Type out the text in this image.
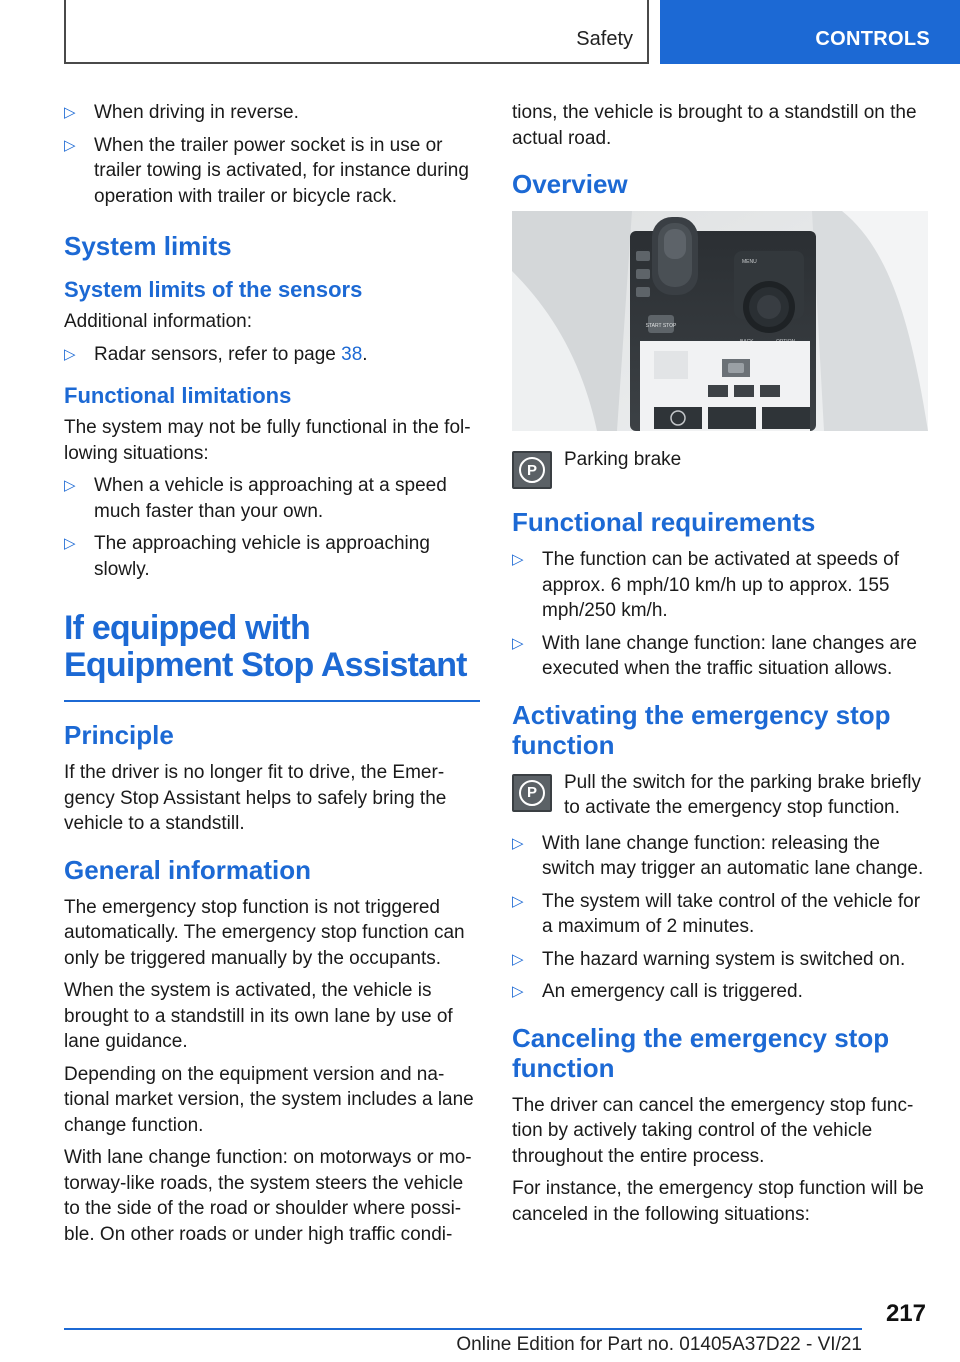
Safety	CONTROLS
▷ When driving in reverse.
▷ When the trailer power socket is in use or trailer towing is activated, for instance during operation with trailer or bicycle rack.
System limits
System limits of the sensors

Additional information:

▷ Radar sensors, refer to page 38.
Functional limitations

The system may not be fully functional in the fol-lowing situations:

▷ When a vehicle is approaching at a speed much faster than your own.
▷ The approaching vehicle is approaching slowly.
If equipped with Equipment Stop Assistant
Principle

If the driver is no longer fit to drive, the Emer-gency Stop Assistant helps to safely bring the vehicle to a standstill.

General information

The emergency stop function is not triggered automatically. The emergency stop function can only be triggered manually by the occupants.

When the system is activated, the vehicle is brought to a standstill in its own lane by use of lane guidance.

Depending on the equipment version and na-tional market version, the system includes a lane change function.

With lane change function: on motorways or mo-torway-like roads, the system steers the vehicle to the side of the road or shoulder where possi-ble. On other roads or under high traffic condi-

tions, the vehicle is brought to a standstill on the actual road.

Overview
START STOP
MENU
P	Parking brake

Functional requirements
▷ The function can be activated at speeds of approx. 6 mph/10 km/h up to approx. 155 mph/250 km/h.
▷ With lane change function: lane changes are executed when the traffic situation allows.
Activating the emergency stop function
P	Pull the switch for the parking brake briefly to activate the emergency stop function.

▷ With lane change function: releasing the switch may trigger an automatic lane change.
▷ The system will take control of the vehicle for a maximum of 2 minutes.
▷ The hazard warning system is switched on.
▷ An emergency call is triggered.
Canceling the emergency stop function

The driver can cancel the emergency stop func-tion by actively taking control of the vehicle throughout the entire process.

For instance, the emergency stop function will be canceled in the following situations:

217
Online Edition for Part no. 01405A37D22 - VI/21
